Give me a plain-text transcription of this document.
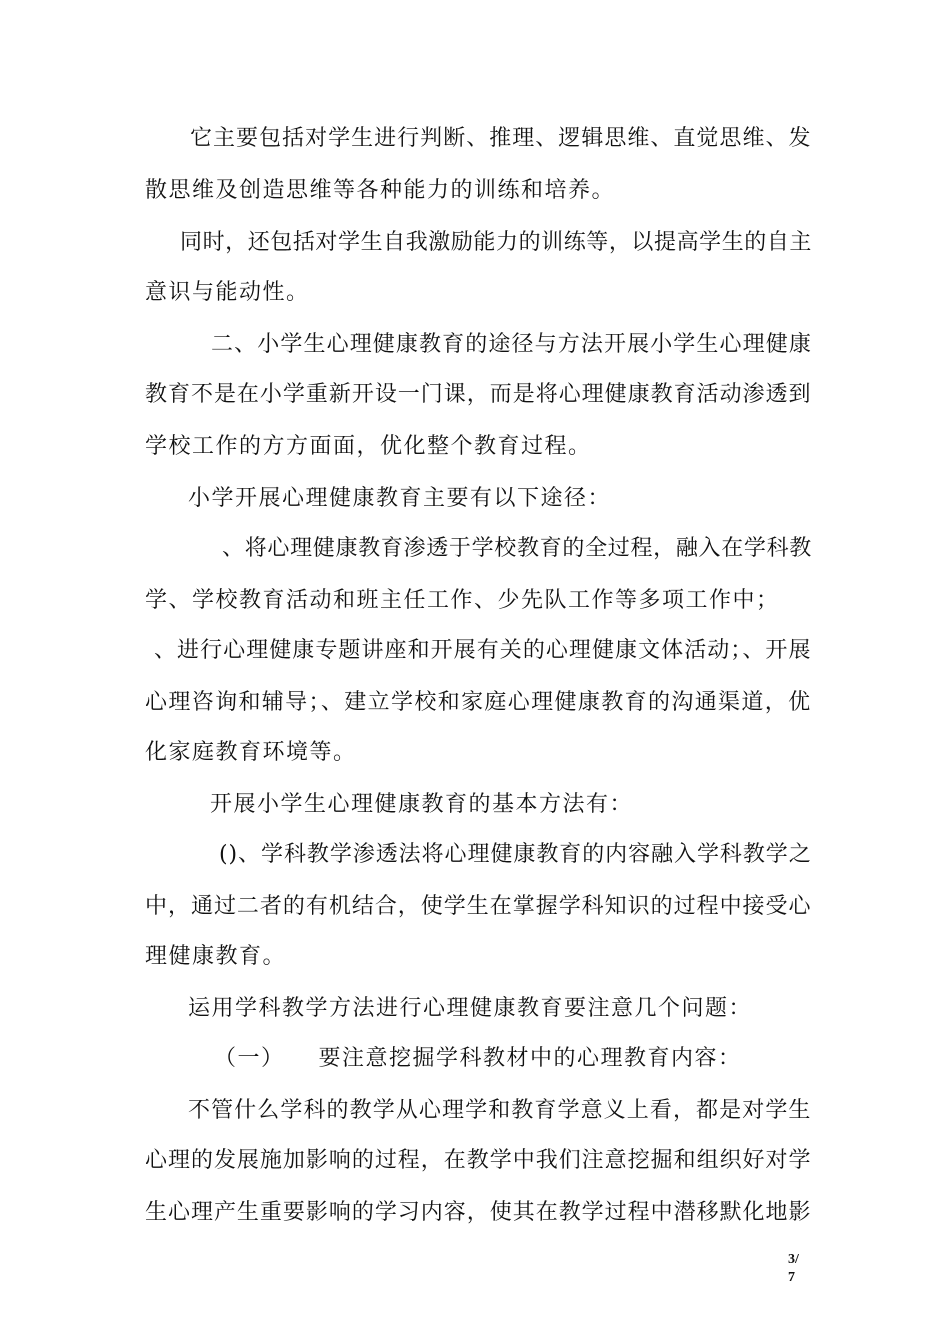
它主要包括对学生进行判断、推理、逻辑思维、直觉思维、发
散思维及创造思维等各种能力的训练和培养。
同时，还包括对学生自我激励能力的训练等，以提高学生的自主
意识与能动性。
二、小学生心理健康教育的途径与方法开展小学生心理健康
教育不是在小学重新开设一门课，而是将心理健康教育活动渗透到
学校工作的方方面面，优化整个教育过程。
小学开展心理健康教育主要有以下途径：
、将心理健康教育渗透于学校教育的全过程，融入在学科教
学、学校教育活动和班主任工作、少先队工作等多项工作中；
、进行心理健康专题讲座和开展有关的心理健康文体活动；、开展
心理咨询和辅导；、建立学校和家庭心理健康教育的沟通渠道，优
化家庭教育环境等。
开展小学生心理健康教育的基本方法有：
()、学科教学渗透法将心理健康教育的内容融入学科教学之
中，通过二者的有机结合，使学生在掌握学科知识的过程中接受心
理健康教育。
运用学科教学方法进行心理健康教育要注意几个问题：
（一）    要注意挖掘学科教材中的心理教育内容：
不管什么学科的教学从心理学和教育学意义上看，都是对学生
心理的发展施加影响的过程，在教学中我们注意挖掘和组织好对学
生心理产生重要影响的学习内容，使其在教学过程中潜移默化地影
3/
7
